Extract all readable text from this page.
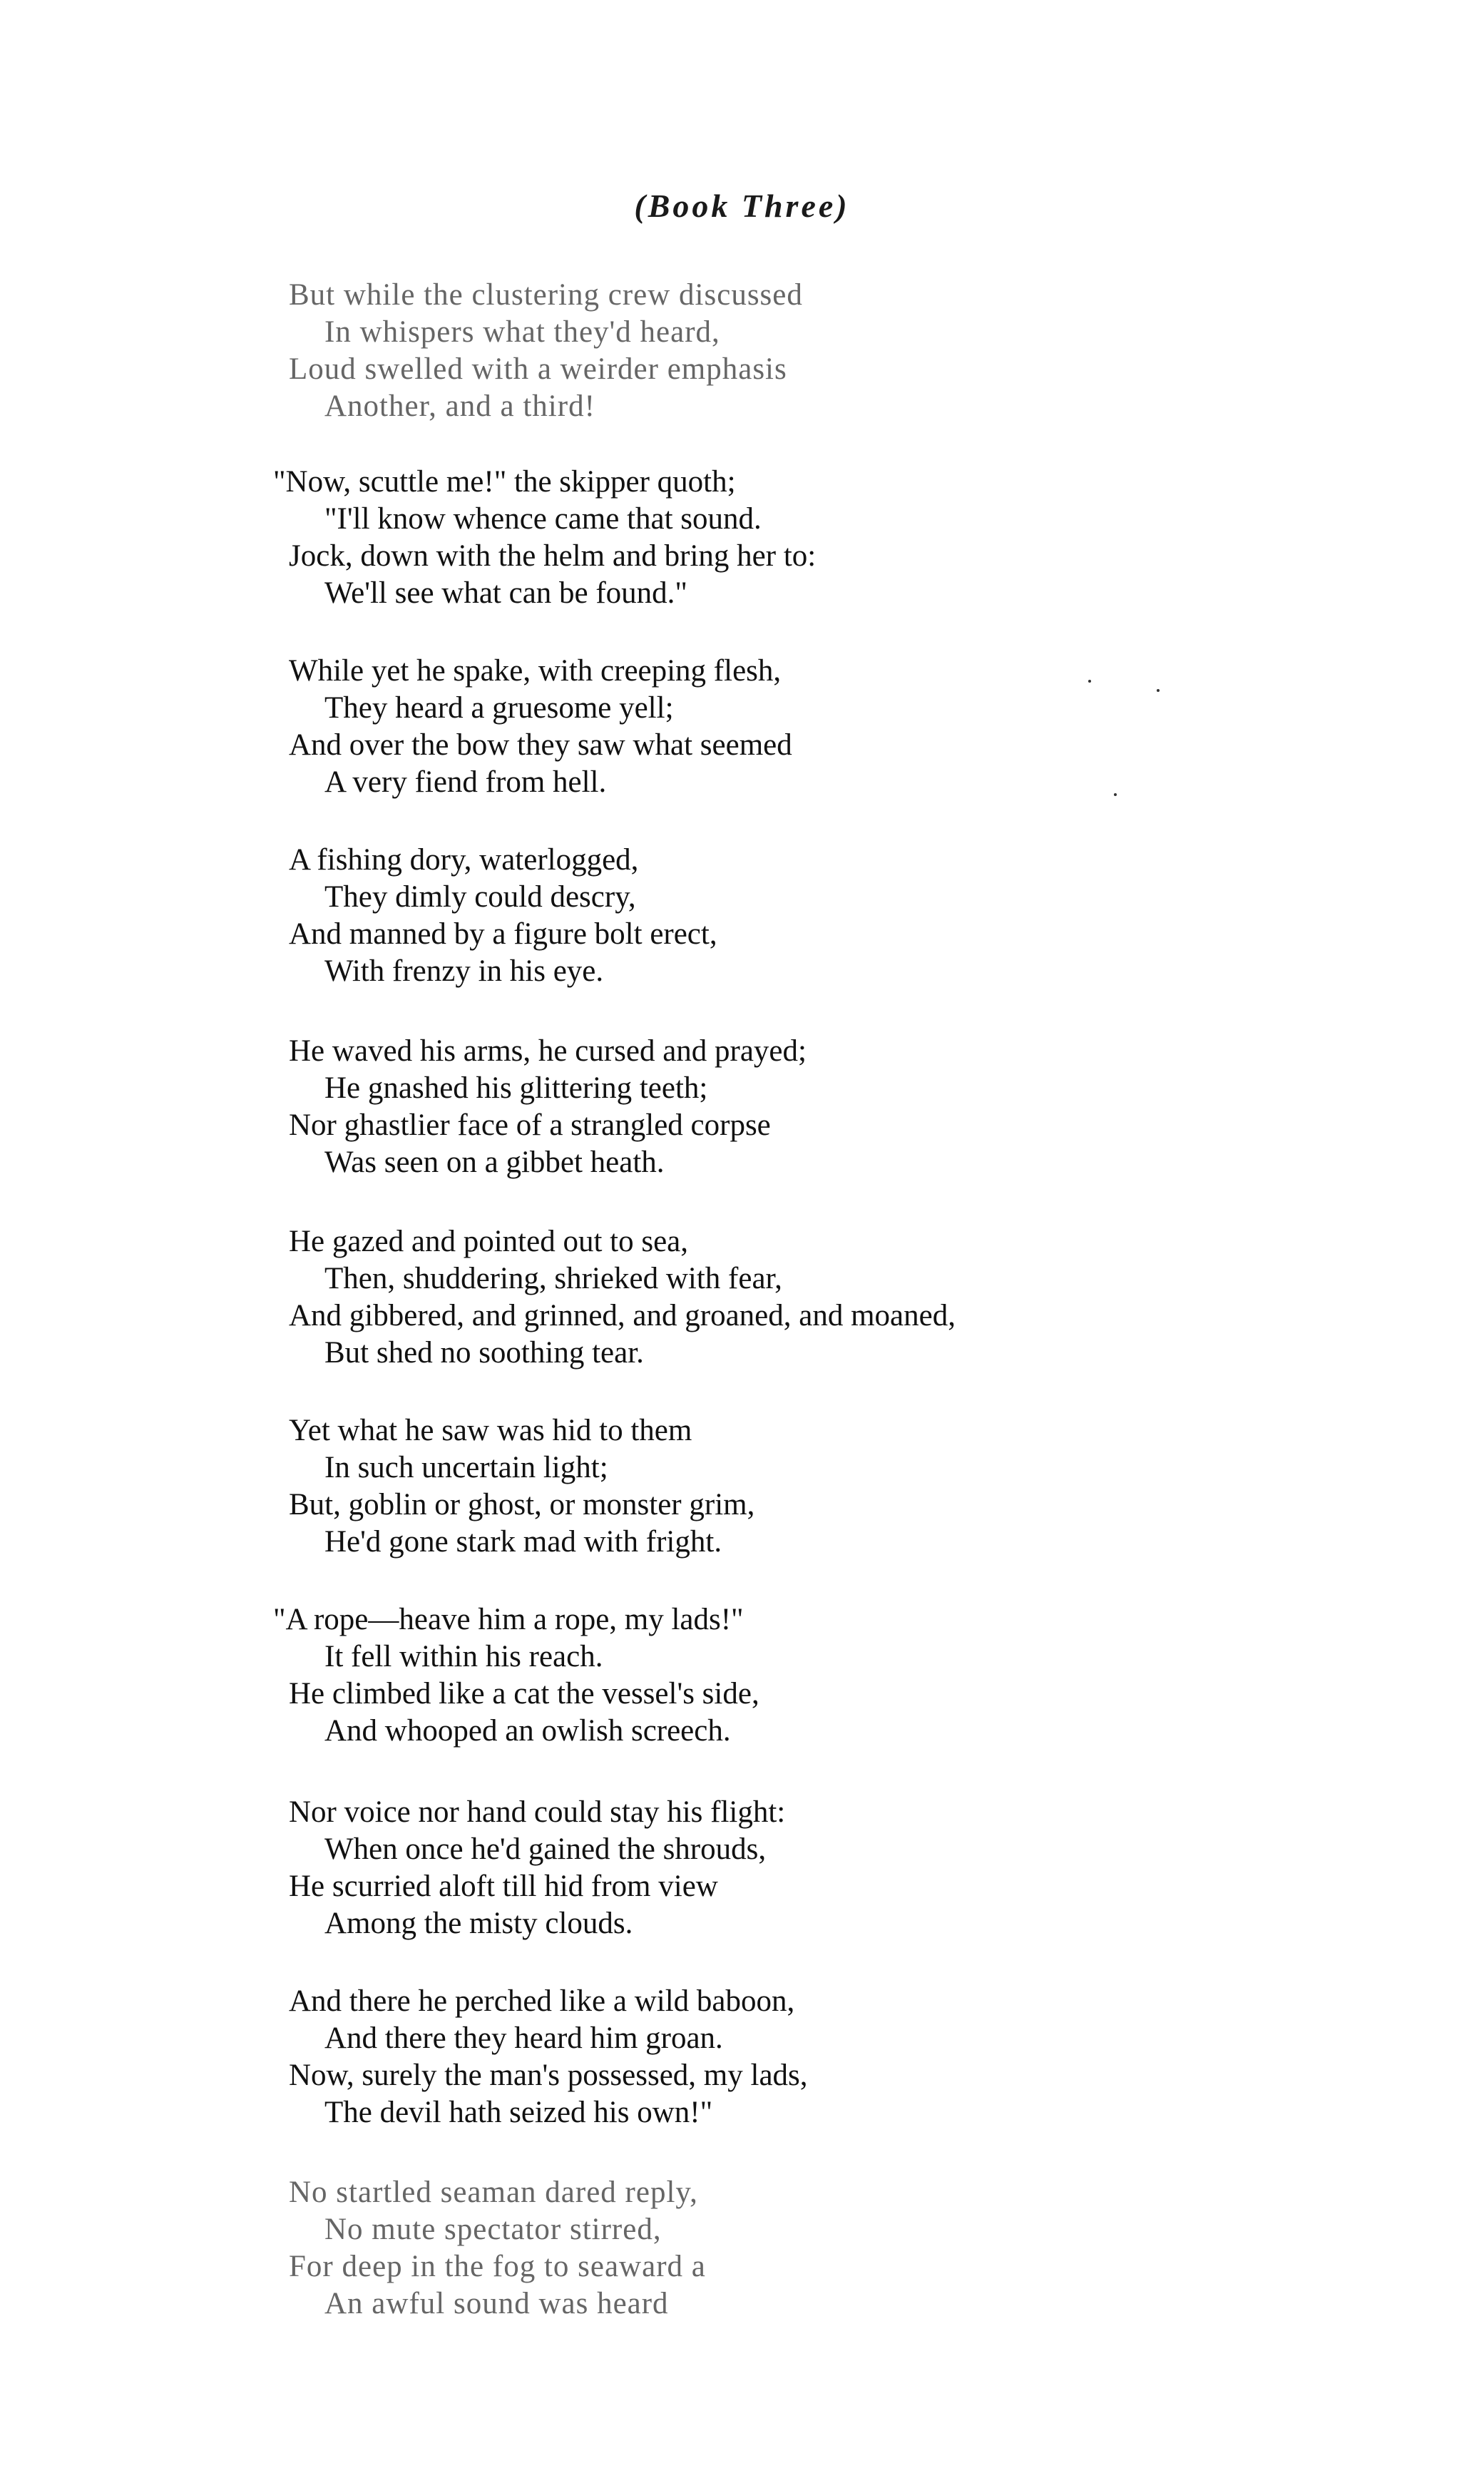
(Book Three)
But while the clustering crew discussed
In whispers what they'd heard,
Loud swelled with a weirder emphasis
Another, and a third!
"Now, scuttle me!" the skipper quoth;
"I'll know whence came that sound.
Jock, down with the helm and bring her to:
We'll see what can be found."
While yet he spake, with creeping flesh,
They heard a gruesome yell;
And over the bow they saw what seemed
A very fiend from hell.
A fishing dory, waterlogged,
They dimly could descry,
And manned by a figure bolt erect,
With frenzy in his eye.
He waved his arms, he cursed and prayed;
He gnashed his glittering teeth;
Nor ghastlier face of a strangled corpse
Was seen on a gibbet heath.
He gazed and pointed out to sea,
Then, shuddering, shrieked with fear,
And gibbered, and grinned, and groaned, and moaned,
But shed no soothing tear.
Yet what he saw was hid to them
In such uncertain light;
But, goblin or ghost, or monster grim,
He'd gone stark mad with fright.
"A rope—heave him a rope, my lads!"
It fell within his reach.
He climbed like a cat the vessel's side,
And whooped an owlish screech.
Nor voice nor hand could stay his flight:
When once he'd gained the shrouds,
He scurried aloft till hid from view
Among the misty clouds.
And there he perched like a wild baboon,
And there they heard him groan.
Now, surely the man's possessed, my lads,
The devil hath seized his own!"
No startled seaman dared reply,
No mute spectator stirred,
For deep in the fog to seaward a
An awful sound was heard
